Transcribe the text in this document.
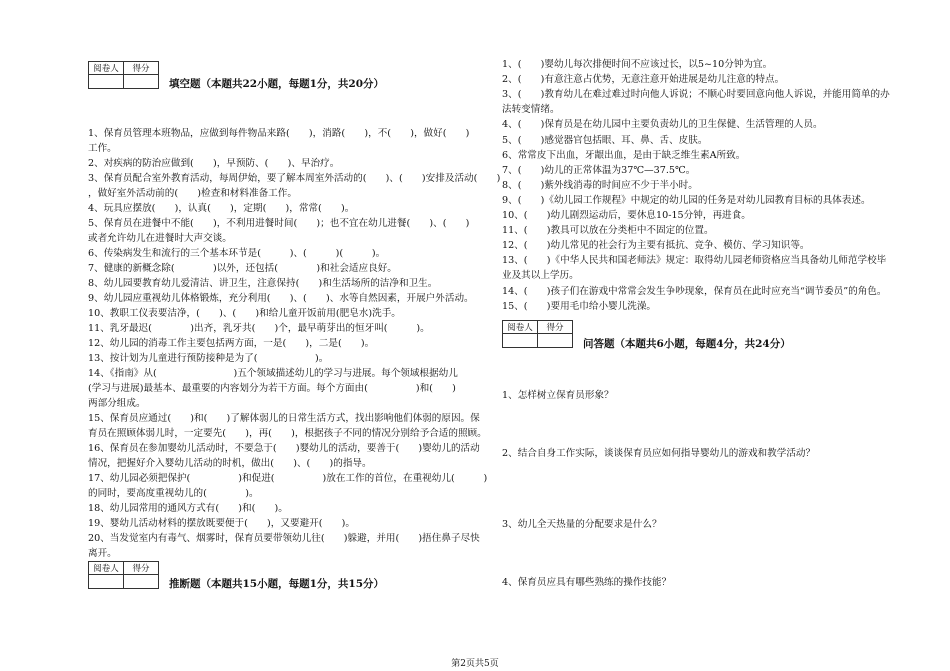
阅卷人	得分

填空题（本题共22小题，每题1分，共20分）
1、保育员管理本班物品，应做到每件物品来路(　　)，消路(　　)，不(　　)，做好(　　)
工作。
2、对疾病的防治应做到(　　)，早预防、(　　)、早治疗。
3、保育员配合室外教育活动，每周伊始，要了解本周室外活动的(　　)、(　　)安排及活动(　　)
，做好室外活动前的(　　)检查和材料准备工作。
4、玩具应摆放(　　)，认真(　　)，定期(　　)，常常(　　)。
5、保育员在进餐中不能(　　)，不利用进餐时间(　　)；也不宜在幼儿进餐(　　)、(　　)
或者允许幼儿在进餐时大声交谈。
6、传染病发生和流行的三个基本环节是(　　　)、(　　　)(　　　)。
7、健康的新概念除(　　　　)以外，还包括(　　　　)和社会适应良好。
8、幼儿园要教育幼儿爱清洁、讲卫生，注意保持(　　)和生活场所的洁净和卫生。
9、幼儿园应重视幼儿体格锻炼，充分利用(　　)、(　　)、水等自然因素，开展户外活动。
10、教职工仪表要洁净，(　　)、(　　)和给儿童开饭前用(肥皂水)洗手。
11、乳牙最迟(　　　　)出齐，乳牙共(　　)个，最早萌芽出的恒牙叫(　　　)。
12、幼儿园的消毒工作主要包括两方面，一是(　　)，二是(　　)。
13、按计划为儿童进行预防接种是为了(　　　　　　)。
14、《指南》从(　　　　　　　　)五个领域描述幼儿的学习与进展。每个领域根据幼儿
(学习与进展)最基本、最重要的内容划分为若干方面。每个方面由(　　　　　)和(　　)
两部分组成。
15、保育员应通过(　　)和(　　)了解体弱儿的日常生活方式，找出影响他们体弱的原因。保
育员在照顾体弱儿时，一定要先(　　)，再(　　)，根据孩子不同的情况分别给予合适的照顾。
16、保育员在参加婴幼儿活动时，不要急于(　　)婴幼儿的活动，要善于(　　)婴幼儿的活动
情况，把握好介入婴幼儿活动的时机，做出(　　)、(　　)的指导。
17、幼儿园必须把保护(　　　　　)和促进(　　　　　)放在工作的首位，在重视幼儿(　　　)
的同时，要高度重视幼儿的(　　　　)。
18、幼儿园常用的通风方式有(　　)和(　　)。
19、婴幼儿活动材料的摆放既要便于(　　)，又要避开(　　)。
20、当发觉室内有毒气、烟雾时，保育员要带领幼儿往(　　)躲避，并用(　　)捂住鼻子尽快
离开。
阅卷人	得分

推断题（本题共15小题，每题1分，共15分）
1、(　　)婴幼儿每次排便时间不应该过长，以5~10分钟为宜。
2、(　　)有意注意占优势，无意注意开始进展是幼儿注意的特点。
3、(　　)教育幼儿在难过难过时向他人诉说；不顺心时要回意向他人诉说，并能用简单的办
法转变情绪。
4、(　　)保育员是在幼儿园中主要负责幼儿的卫生保健、生活管理的人员。
5、(　　)感觉器官包括眼、耳、鼻、舌、皮肤。
6、常常皮下出血，牙龈出血，是由于缺乏维生素A所致。
7、(　　)幼儿的正常体温为37℃—37.5℃。
8、(　　)紫外线消毒的时间应不少于半小时。
9、(　　)《幼儿园工作规程》中规定的幼儿园的任务是对幼儿园教育目标的具体表述。
10、(　　)幼儿剧烈运动后，要休息10-15分钟，再进食。
11、(　　)教具可以放在分类柜中不固定的位置。
12、(　　)幼儿常见的社会行为主要有抵抗、竞争、模仿、学习知识等。
13、(　　)《中华人民共和国老师法》规定：取得幼儿园老师资格应当具备幼儿师范学校毕
业及其以上学历。
14、(　　)孩子们在游戏中常常会发生争吵现象，保育员在此时应充当“调节委员”的角色。
15、(　　)要用毛巾给小婴儿洗澡。
阅卷人	得分

问答题（本题共6小题，每题4分，共24分）
1、怎样树立保育员形象？
2、结合自身工作实际，谈谈保育员应如何指导婴幼儿的游戏和教学活动？
3、幼儿全天热量的分配要求是什么？
4、保育员应具有哪些熟练的操作技能？
第2页共5页
